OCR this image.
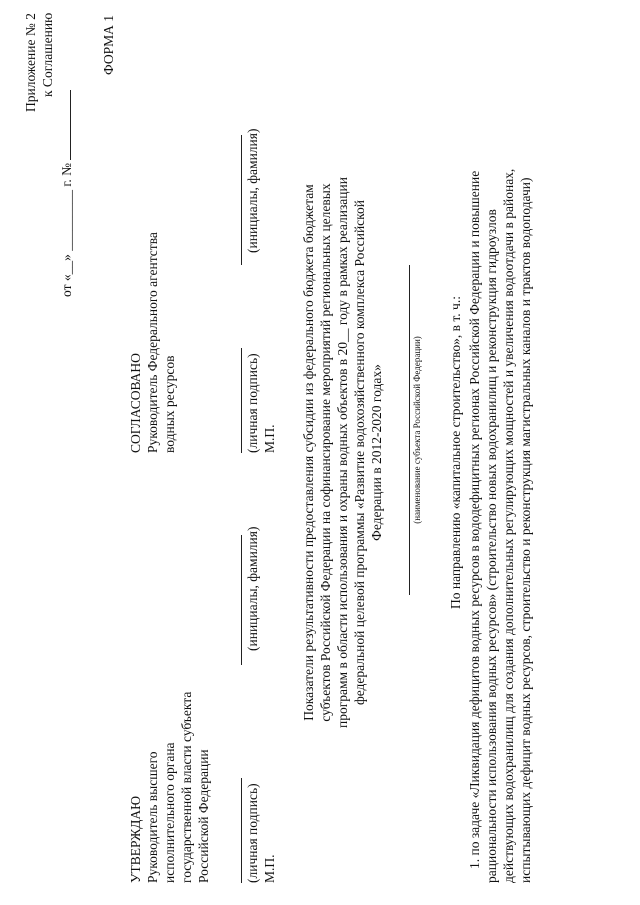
Приложение № 2 к Соглашению
от «__» _________ г. №
ФОРМА 1
УТВЕРЖДАЮ Руководитель высшего исполнительного органа государственной власти субъекта Российской Федерации	(личная подпись) М.П.
(инициалы, фамилия)
СОГЛАСОВАНО Руководитель Федерального агентства водных ресурсов	(личная подпись) М.П.
(инициалы, фамилия)	Показатели результативности предоставления субсидии из федерального бюджета бюджетам субъектов Российской Федерации на софинансирование мероприятий региональных целевых программ в области использования и охраны водных объектов в 20__ году в рамках реализации федеральной целевой программы «Развитие водохозяйственного комплекса Российской Федерации в 2012-2020 годах»	(наименование субъекта Российской Федерации) По направлению «капитальное строительство», в т. ч.: 1. по задаче «Ликвидация дефицитов водных ресурсов в вододефицитных регионах Российской Федерации и повышение рациональности использования водных ресурсов» (строительство новых водохранилищ и реконструкция гидроузлов действующих водохранилищ для создания дополнительных регулирующих мощностей и увеличения водоотдачи в районах, испытывающих дефицит водных ресурсов, строительство и реконструкция магистральных каналов и трактов водоподачи)
